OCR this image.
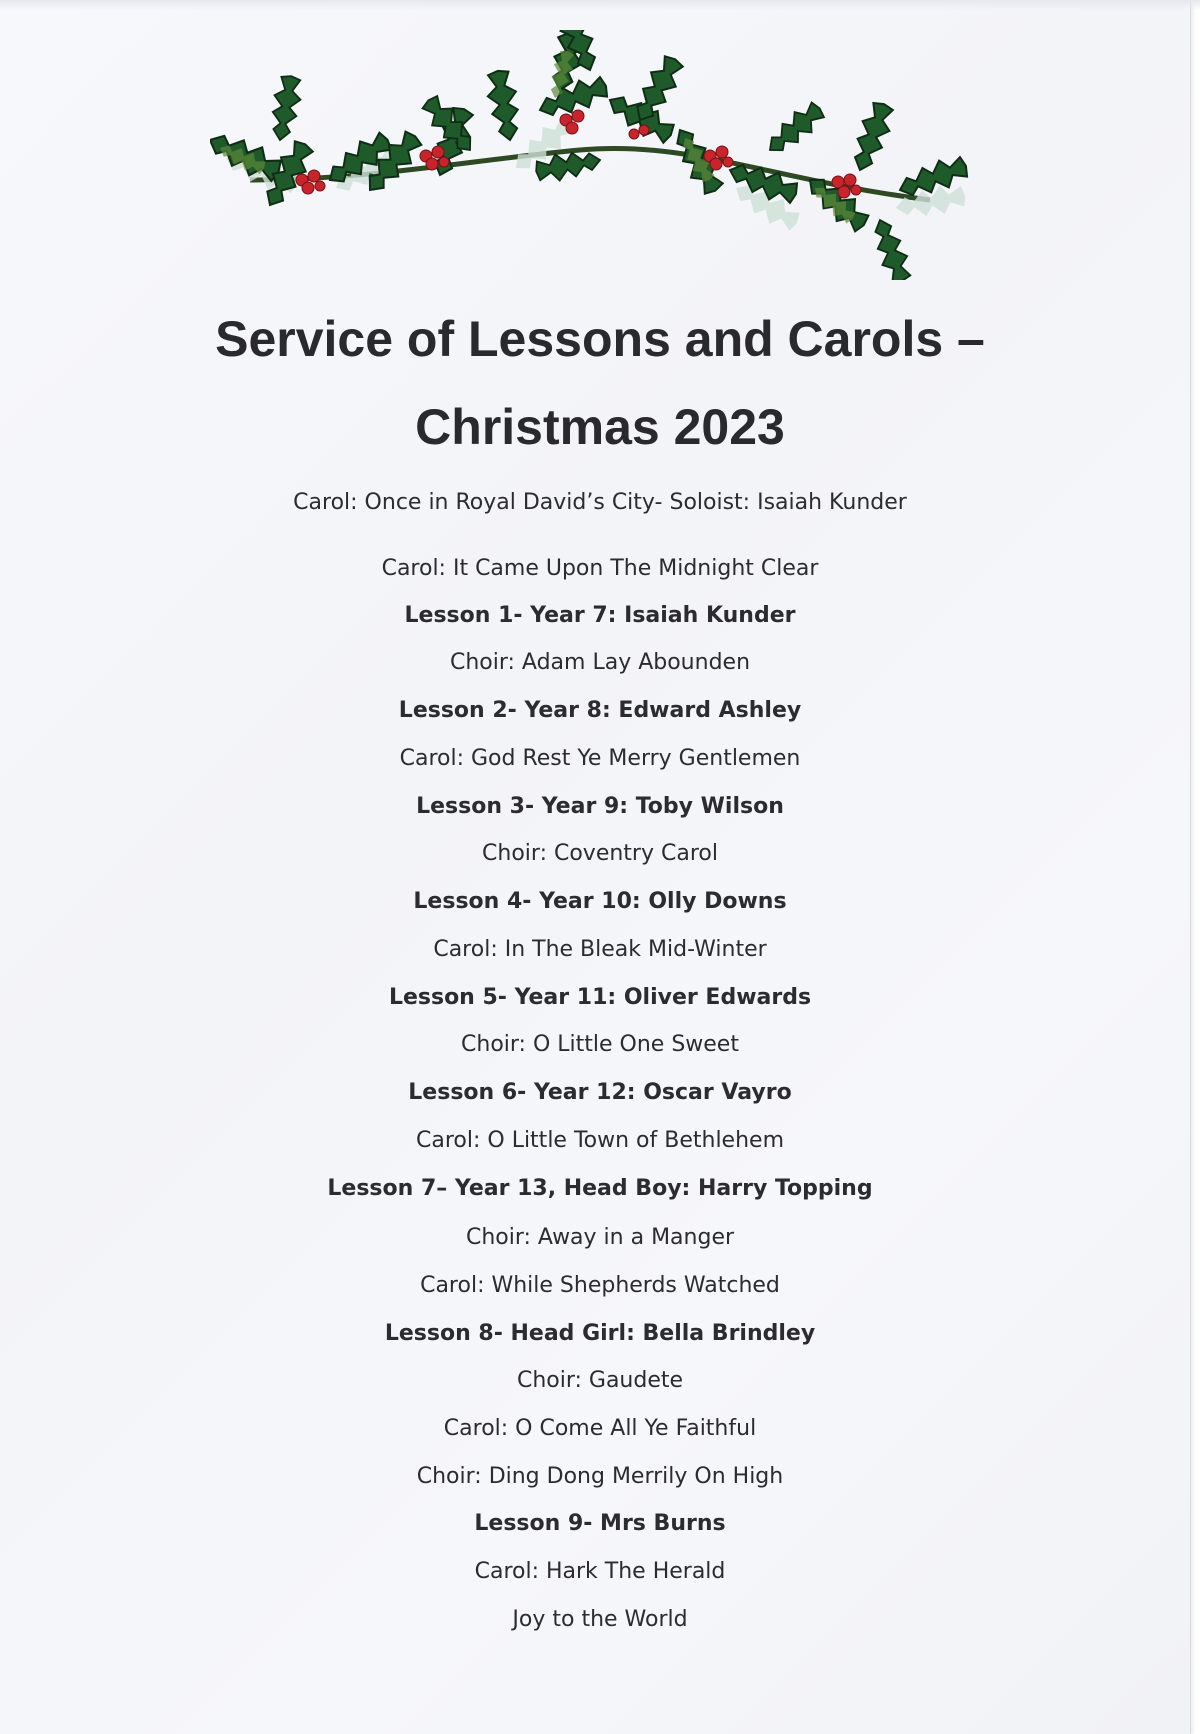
Service of Lessons and Carols –
Christmas 2023
Carol: Once in Royal David’s City- Soloist: Isaiah Kunder
Carol: It Came Upon The Midnight Clear
Lesson 1- Year 7: Isaiah Kunder
Choir: Adam Lay Abounden
Lesson 2- Year 8: Edward Ashley
Carol: God Rest Ye Merry Gentlemen
Lesson 3- Year 9: Toby Wilson
Choir: Coventry Carol
Lesson 4- Year 10: Olly Downs
Carol: In The Bleak Mid-Winter
Lesson 5- Year 11: Oliver Edwards
Choir: O Little One Sweet
Lesson 6- Year 12: Oscar Vayro
Carol: O Little Town of Bethlehem
Lesson 7– Year 13, Head Boy: Harry Topping
Choir: Away in a Manger
Carol: While Shepherds Watched
Lesson 8- Head Girl: Bella Brindley
Choir: Gaudete
Carol: O Come All Ye Faithful
Choir: Ding Dong Merrily On High
Lesson 9- Mrs Burns
Carol: Hark The Herald
Joy to the World
